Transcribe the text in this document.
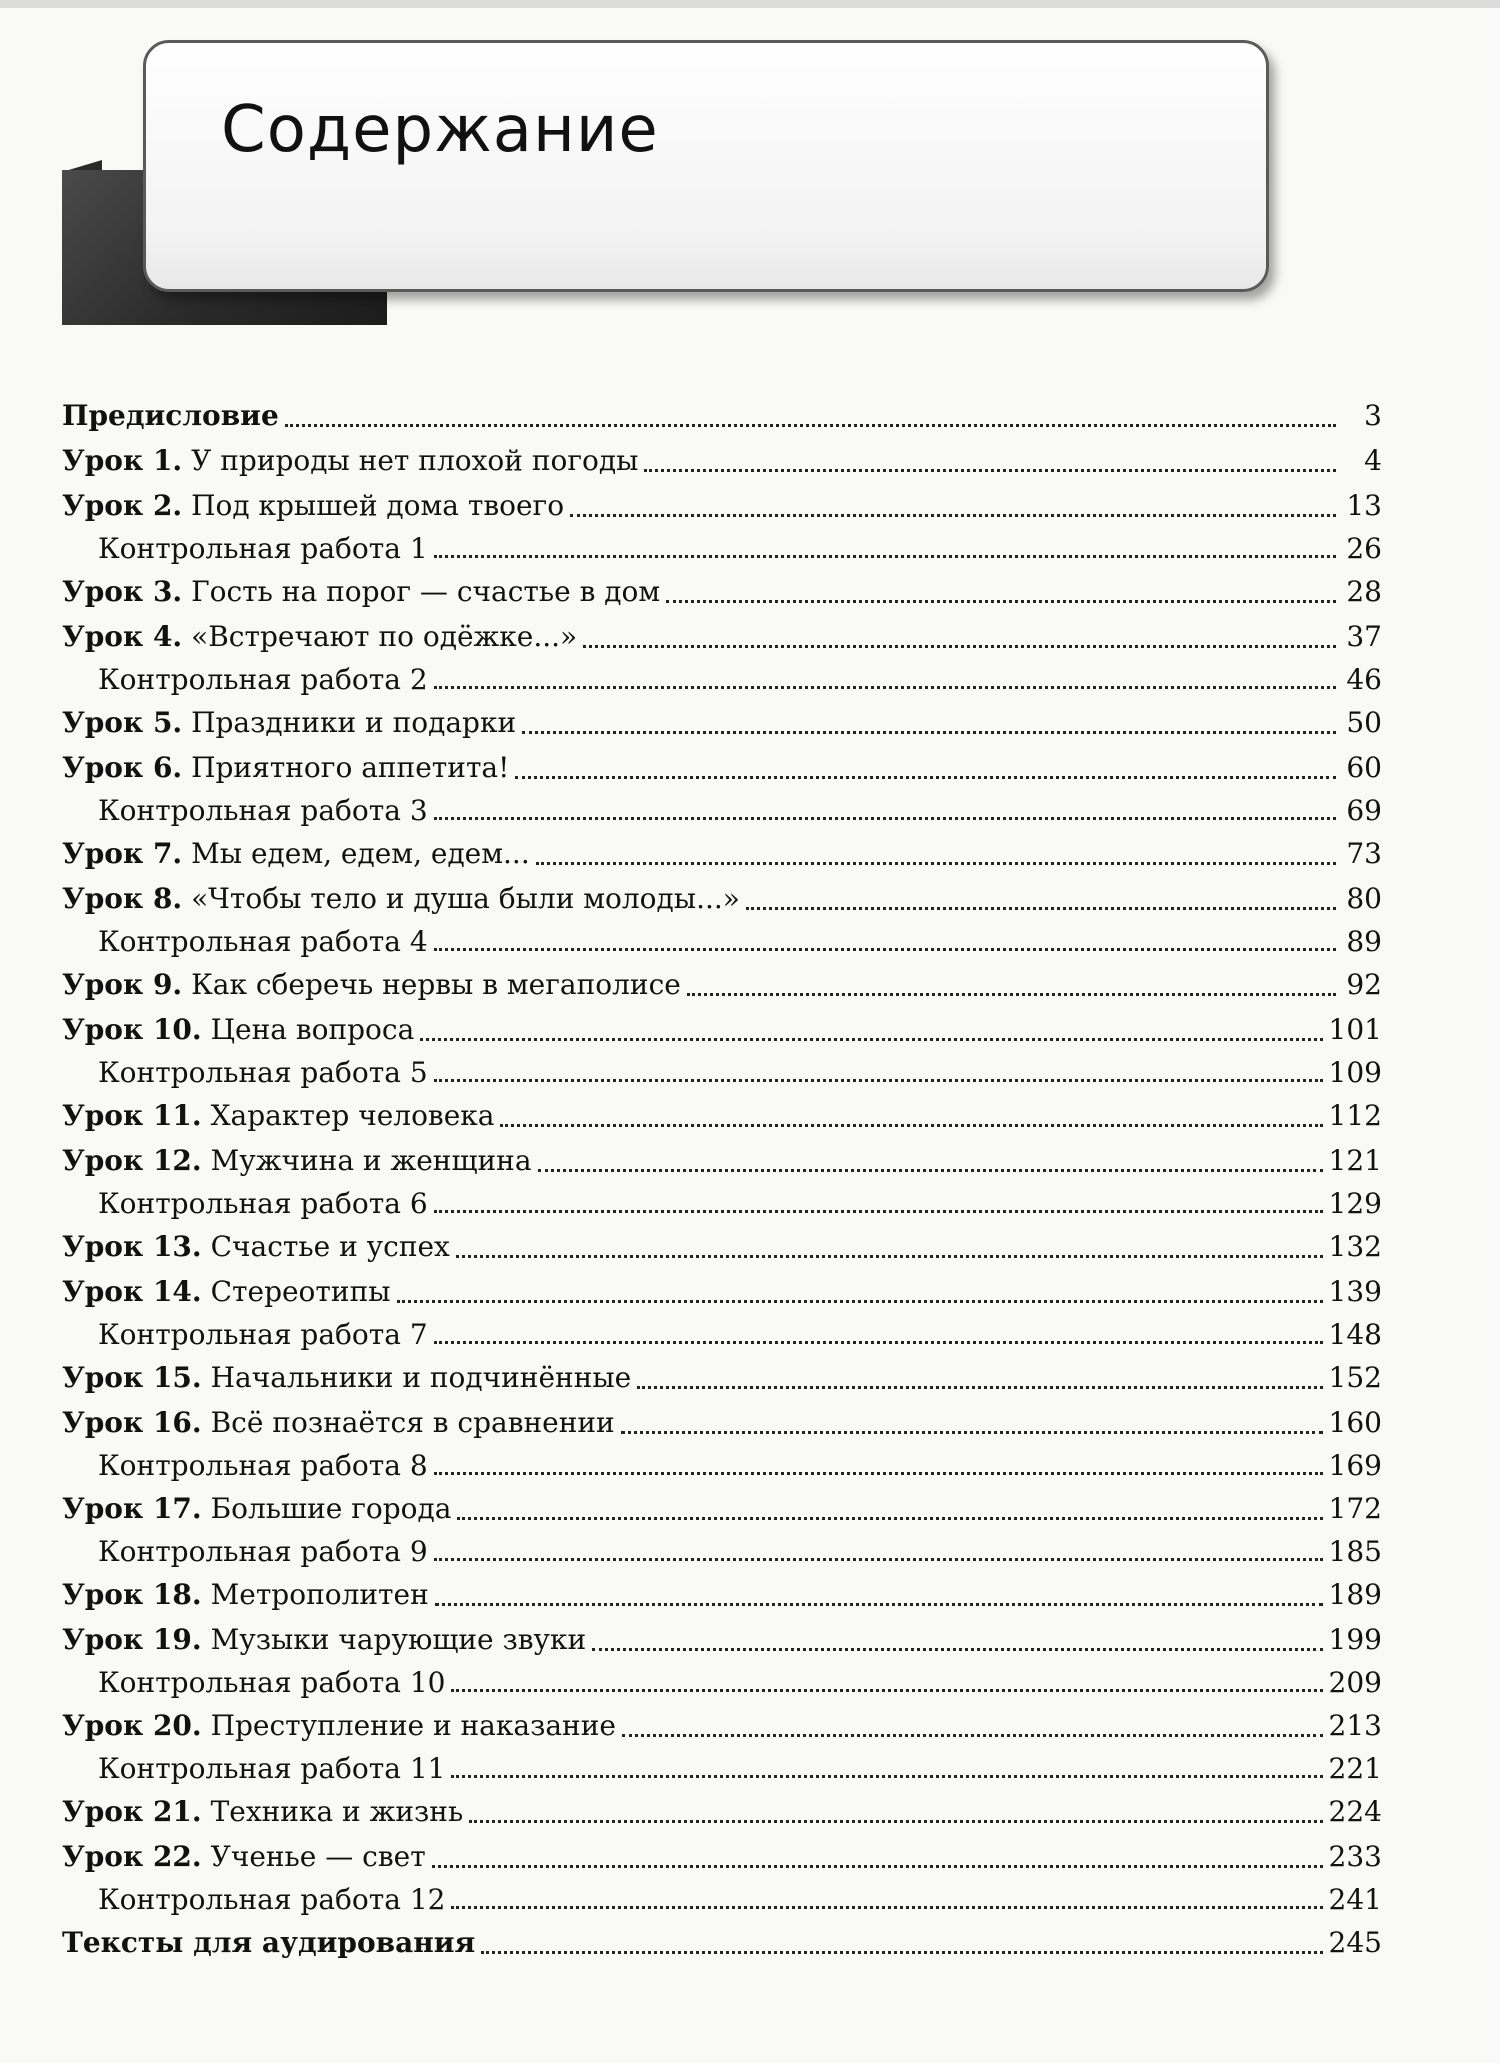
Содержание
Предисловие	3
Урок 1. У природы нет плохой погоды	4
Урок 2. Под крышей дома твоего	13
Контрольная работа 1	26
Урок 3. Гость на порог — счастье в дом	28
Урок 4. «Встречают по одёжке...»	37
Контрольная работа 2	46
Урок 5. Праздники и подарки	50
Урок 6. Приятного аппетита!	60
Контрольная работа 3	69
Урок 7. Мы едем, едем, едем...	73
Урок 8. «Чтобы тело и душа были молоды...»	80
Контрольная работа 4	89
Урок 9. Как сберечь нервы в мегаполисе	92
Урок 10. Цена вопроса	101
Контрольная работа 5	109
Урок 11. Характер человека	112
Урок 12. Мужчина и женщина	121
Контрольная работа 6	129
Урок 13. Счастье и успех	132
Урок 14. Стереотипы	139
Контрольная работа 7	148
Урок 15. Начальники и подчинённые	152
Урок 16. Всё познаётся в сравнении	160
Контрольная работа 8	169
Урок 17. Большие города	172
Контрольная работа 9	185
Урок 18. Метрополитен	189
Урок 19. Музыки чарующие звуки	199
Контрольная работа 10	209
Урок 20. Преступление и наказание	213
Контрольная работа 11	221
Урок 21. Техника и жизнь	224
Урок 22. Ученье — свет	233
Контрольная работа 12	241
Тексты для аудирования	245
